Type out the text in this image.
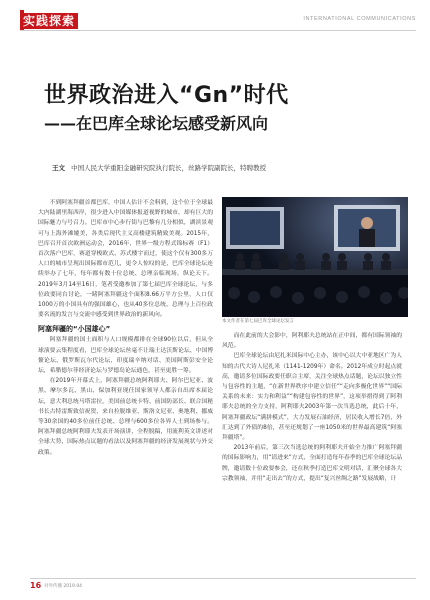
实践探索	INTERNATIONAL COMMUNICATIONS
世界政治进入“Gn”时代
——在巴库全球论坛感受新风向
王文 中国人民大学重阳金融研究院执行院长，丝路学院副院长，特聘教授
不到阿塞拜疆首都巴库，中国人估计不会料到，这个位于全球最大内陆湖里海西岸，很少进入中国媒体报道视野的城市，却有巨大的国际魅力与号召力。巴库市中心步行街与巴黎有几分相似，湖滨景观可与上海外滩媲美，各类后现代主义高楼建筑精致美观。2015年，巴库召开首次欧洲运动会，2016年，世界一级方程式锦标赛（F1）首次落户巴库，赛道穿梭欧式、苏式楼宇而过，使这个仅有300多万人口的城市呈现出国际都市范儿，更令人惊叹的是，巴库全球论坛连续举办了七年，每年都有数十位总统、总理亲临现场，纵论天下。2019年3月14至16日，笔者受邀参加了第七届巴库全球论坛，与多位政要同台讨论，一睹阿塞拜疆这个面积8.66万平方公里，人口仅1000万的小国具有的强国雄心，也从40多位总统、总理与上百位政要名流的发言与交流中感受到世界政治的新风向。
阿塞拜疆的“小国雄心”
阿塞拜疆的国土面积与人口规模都排在全球90位以后，但从全球演要云集程度看，巴库全球论坛丝毫不让瑞士达沃斯论坛、中国博鳌论坛、俄罗斯瓦尔代论坛，印度瑞辛纳对话、美国阿斯彭安全论坛，希腊德尔菲经济论坛与罗德岛论坛通色，甚至更胜一筹。
在2019年开幕式上，阿塞拜疆总统阿利耶夫、阿尔巴尼亚、波黑、摩尔多瓦、黑山、保加利亚现任国家领导人都亲自出席本届论坛，意大利总统马塔雷拉，美国前总统卡特、前国防部长、联合国秘书长古特雷斯致信祝贺，来自拉脱维亚、斯洛文尼亚、奥地利、挪威等30余国的40多位前任总统、总理与600多位各界人士到场参与。阿塞拜疆总统阿利耶夫发表开场演讲，全程脱稿，用流利英文讲述对全球大势、国际热点议题的看法以及阿塞拜疆的经济发展现状与外交政策。
本文作者在第七届巴库全球论坛发言
而在此前的大会影中，阿利耶夫总统站在正中间，都有国际领袖的风范。
巴库全球论坛由尼扎米国际中心主办，该中心以大中亚地区广为人知的古代大诗人尼扎米（1141-1209年）命名。2012年成立时起点就高，邀请多位国际政要任职合主席，关注全球热点话题，论坛以独立性与包容性的主题，“在新世界秩序中建立信任”“走向多极化世界”“国际关系的未来：实力和利益”“构建包容性的世界”，这项举措得到了阿利耶夫总统的全力支持，阿利耶夫2003年第一次当选总统，此后十年，阿塞拜疆政坛“满拼模式”，大力发展石油经济，居民收入增长7倍，外汇达到了外债的8倍，甚至还规划了一座1050米的世界最高建筑“阿塞拜疆塔”。
2013年前后，第三次当选总统的阿利耶夫开始全力推广阿塞拜疆的国际影响力，用“请进来”方式，全面打造每年春季的巴库全球论坛品牌，邀请数十位政要参会，还在秋季打造巴库文明对话，汇聚全球各大宗教领袖，并用“走出去”的方式，提出“复兴丝绸之路”发展战略，计
16 对外传播 2019.04
